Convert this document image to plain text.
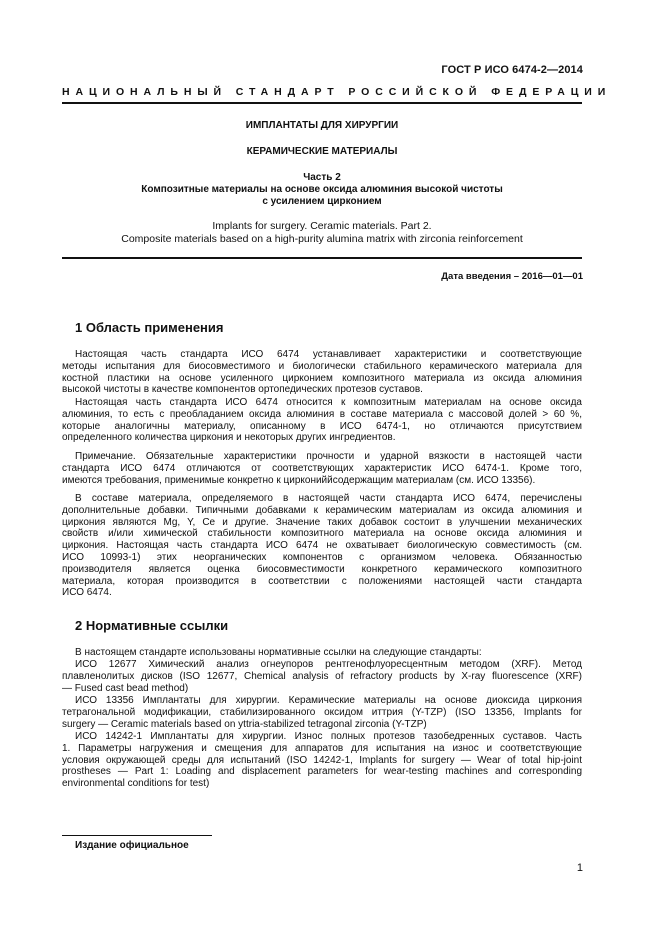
ГОСТ Р ИСО 6474-2—2014
НАЦИОНАЛЬНЫЙ СТАНДАРТ РОССИЙСКОЙ ФЕДЕРАЦИИ
ИМПЛАНТАТЫ ДЛЯ ХИРУРГИИ
КЕРАМИЧЕСКИЕ МАТЕРИАЛЫ
Часть 2
Композитные материалы на основе оксида алюминия высокой чистоты
с усилением цирконием
Implants for surgery. Ceramic materials. Part 2.
Composite materials based on a high-purity alumina matrix with zirconia reinforcement
Дата введения – 2016—01—01
1 Область применения
Настоящая часть стандарта ИСО 6474 устанавливает характеристики и соответствующие
методы испытания для биосовместимого и биологически стабильного керамического материала для
костной пластики на основе усиленного цирконием композитного материала из оксида алюминия
высокой чистоты в качестве компонентов ортопедических протезов суставов.
Настоящая часть стандарта ИСО 6474 относится к композитным материалам на основе оксида
алюминия, то есть с преобладанием оксида алюминия в составе материала с массовой долей > 60 %,
которые аналогичны материалу, описанному в ИСО 6474-1, но отличаются присутствием
определенного количества циркония и некоторых других ингредиентов.
Примечание. Обязательные характеристики прочности и ударной вязкости в настоящей части
стандарта ИСО 6474 отличаются от соответствующих характеристик ИСО 6474-1. Кроме того,
имеются требования, применимые конкретно к циркониййсодержащим материалам (см. ИСО 13356).
В составе материала, определяемого в настоящей части стандарта ИСО 6474, перечислены
дополнительные добавки. Типичными добавками к керамическим материалам из оксида алюминия и
циркония являются Mg, Y, Ce и другие. Значение таких добавок состоит в улучшении механических
свойств и/или химической стабильности композитного материала на основе оксида алюминия и
циркония. Настоящая часть стандарта ИСО 6474 не охватывает биологическую совместимость (см.
ИСО 10993-1) этих неорганических компонентов с организмом человека. Обязанностью
производителя является оценка биосовместимости конкретного керамического композитного
материала, которая производится в соответствии с положениями настоящей части стандарта
ИСО 6474.
2 Нормативные ссылки
В настоящем стандарте использованы нормативные ссылки на следующие стандарты:
ИСО 12677 Химический анализ огнеупоров рентгенофлуоресцентным методом (XRF). Метод
плавленолитых дисков (ISO 12677, Chemical analysis of refractory products by X-ray fluorescence (XRF)
— Fused cast bead method)
ИСО 13356 Имплантаты для хирургии. Керамические материалы на основе диоксида циркония
тетрагональной модификации, стабилизированного оксидом иттрия (Y-TZP) (ISO 13356, Implants for
surgery — Ceramic materials based on yttria-stabilized tetragonal zirconia (Y-TZP)
ИСО 14242-1 Имплантаты для хирургии. Износ полных протезов тазобедренных суставов. Часть
1. Параметры нагружения и смещения для аппаратов для испытания на износ и соответствующие
условия окружающей среды для испытаний (ISO 14242-1, Implants for surgery — Wear of total hip-joint
prostheses — Part 1: Loading and displacement parameters for wear-testing machines and corresponding
environmental conditions for test)
Издание официальное
1
